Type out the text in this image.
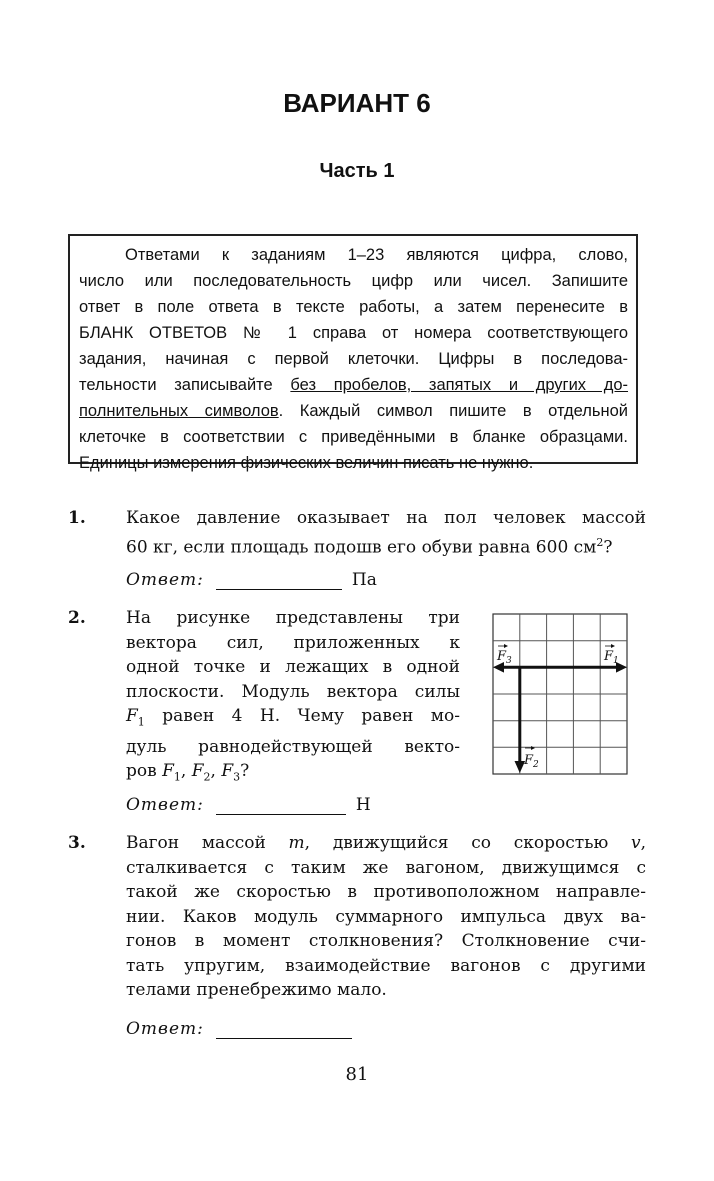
ВАРИАНТ 6
Часть 1
Ответами к заданиям 1–23 являются цифра, слово,
число или последовательность цифр или чисел. Запишите
ответ в поле ответа в тексте работы, а затем перенесите в
БЛАНК ОТВЕТОВ № 1 справа от номера соответствующего
задания, начиная с первой клеточки. Цифры в последова-
тельности записывайте без пробелов, запятых и других до-
полнительных символов. Каждый символ пишите в отдельной
клеточке в соответствии с приведёнными в бланке образцами.
Единицы измерения физических величин писать не нужно.
1. Какое давление оказывает на пол человек массой
60 кг, если площадь подошв его обуви равна 600 $см^2$?
Ответ:	Па
2. На рисунке представлены три
вектора сил, приложенных к
одной точке и лежащих в одной
плоскости. Модуль вектора силы
$F_1$ равен 4 Н. Чему равен мо-
дуль равнодействующей векто-
ров $F_1$, $F_2$, $F_3$?
$F_3$	$F_1$
$F_2$
Ответ:	Н
3. Вагон массой m, движущийся со скоростью v,
сталкивается с таким же вагоном, движущимся с
такой же скоростью в противоположном направле-
нии. Каков модуль суммарного импульса двух ва-
гонов в момент столкновения? Столкновение счи-
тать упругим, взаимодействие вагонов с другими
телами пренебрежимо мало.
Ответ:
81
